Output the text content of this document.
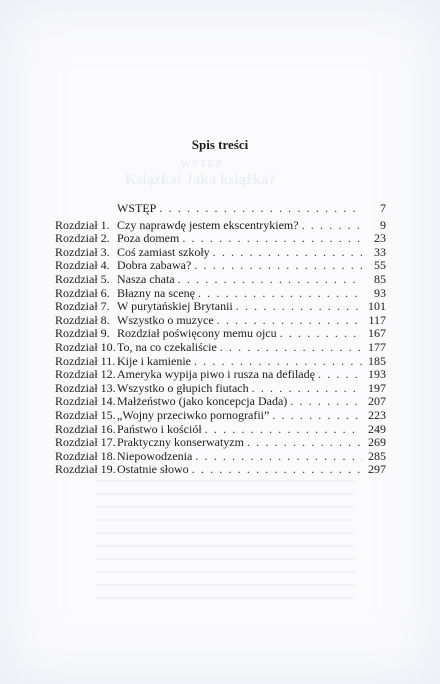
WSTĘP
Książka! Jaka książka?
Spis treści
WSTĘP . . .	7
Rozdział 1. Czy naprawdę jestem ekscentrykiem? . . .	9
Rozdział 2. Poza domem . . .	23
Rozdział 3. Coś zamiast szkoły . . .	33
Rozdział 4. Dobra zabawa? . . .	55
Rozdział 5. Nasza chata . . .	85
Rozdział 6. Błazny na scenę . . .	93
Rozdział 7. W purytańskiej Brytanii . . .	101
Rozdział 8. Wszystko o muzyce . . .	117
Rozdział 9. Rozdział poświęcony memu ojcu . . .	167
Rozdział 10. To, na co czekaliście . . .	177
Rozdział 11. Kije i kamienie . . .	185
Rozdział 12. Ameryka wypija piwo i rusza na defiladę . . .	193
Rozdział 13. Wszystko o głupich fiutach . . .	197
Rozdział 14. Małżeństwo (jako koncepcja Dada) . . .	207
Rozdział 15. „Wojny przeciwko pornografii” . . .	223
Rozdział 16. Państwo i kościół . . .	249
Rozdział 17. Praktyczny konserwatyzm . . .	269
Rozdział 18. Niepowodzenia . . .	285
Rozdział 19. Ostatnie słowo . . .	297
